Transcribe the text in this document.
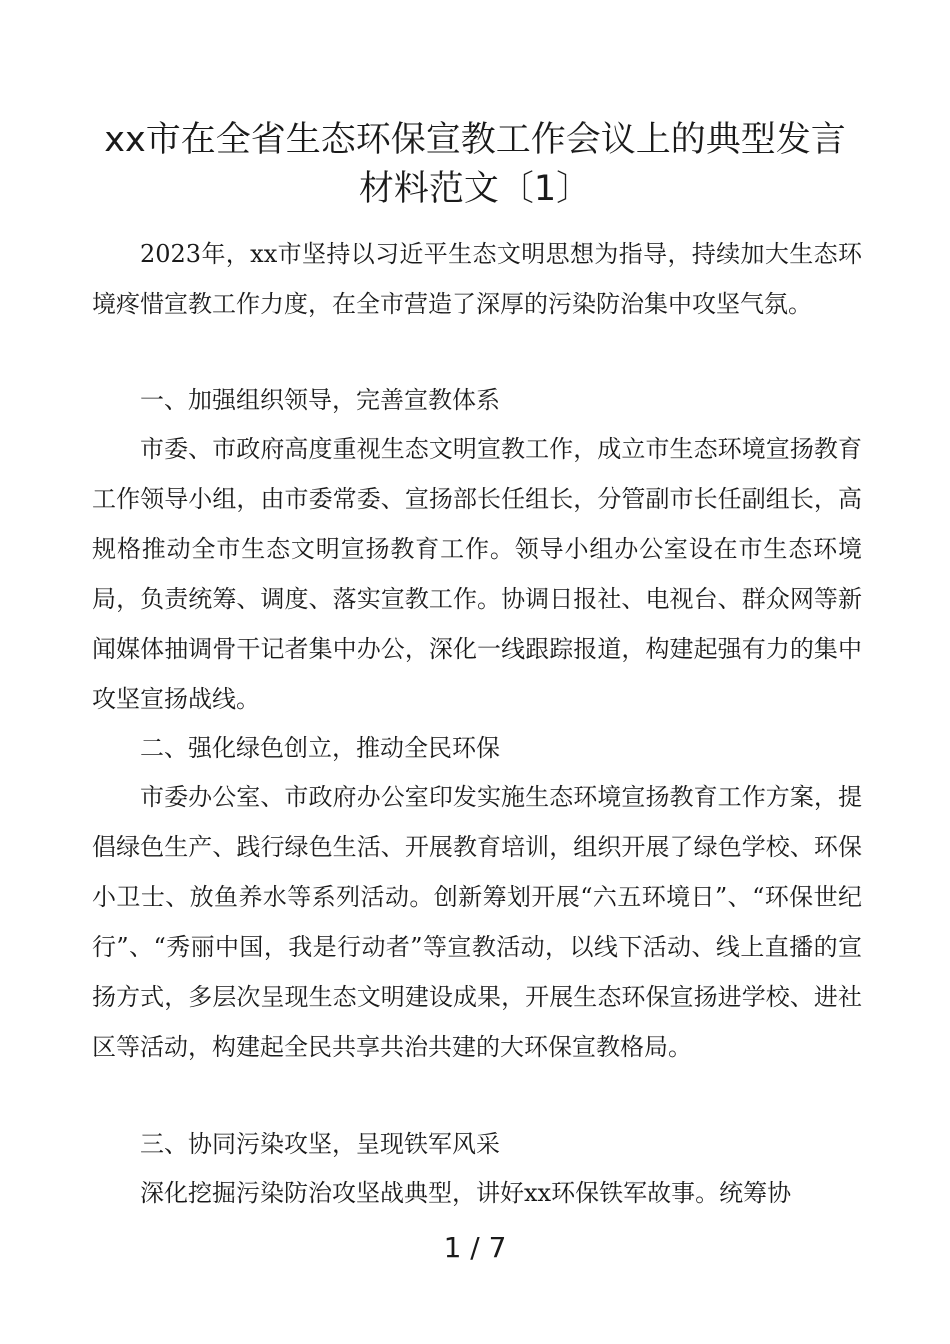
xx市在全省生态环保宣教工作会议上的典型发言
材料范文〔1〕

2023年，xx市坚持以习近平生态文明思想为指导，持续加大生态环境疼惜宣教工作力度，在全市营造了深厚的污染防治集中攻坚气氛。

一、加强组织领导，完善宣教体系

市委、市政府高度重视生态文明宣教工作，成立市生态环境宣扬教育工作领导小组，由市委常委、宣扬部长任组长，分管副市长任副组长，高规格推动全市生态文明宣扬教育工作。领导小组办公室设在市生态环境局，负责统筹、调度、落实宣教工作。协调日报社、电视台、群众网等新闻媒体抽调骨干记者集中办公，深化一线跟踪报道，构建起强有力的集中攻坚宣扬战线。

二、强化绿色创立，推动全民环保

市委办公室、市政府办公室印发实施生态环境宣扬教育工作方案，提倡绿色生产、践行绿色生活、开展教育培训，组织开展了绿色学校、环保小卫士、放鱼养水等系列活动。创新筹划开展“六五环境日”、“环保世纪行”、“秀丽中国，我是行动者”等宣教活动，以线下活动、线上直播的宣扬方式，多层次呈现生态文明建设成果，开展生态环保宣扬进学校、进社区等活动，构建起全民共享共治共建的大环保宣教格局。

三、协同污染攻坚，呈现铁军风采

深化挖掘污染防治攻坚战典型，讲好xx环保铁军故事。统筹协

1 / 7
